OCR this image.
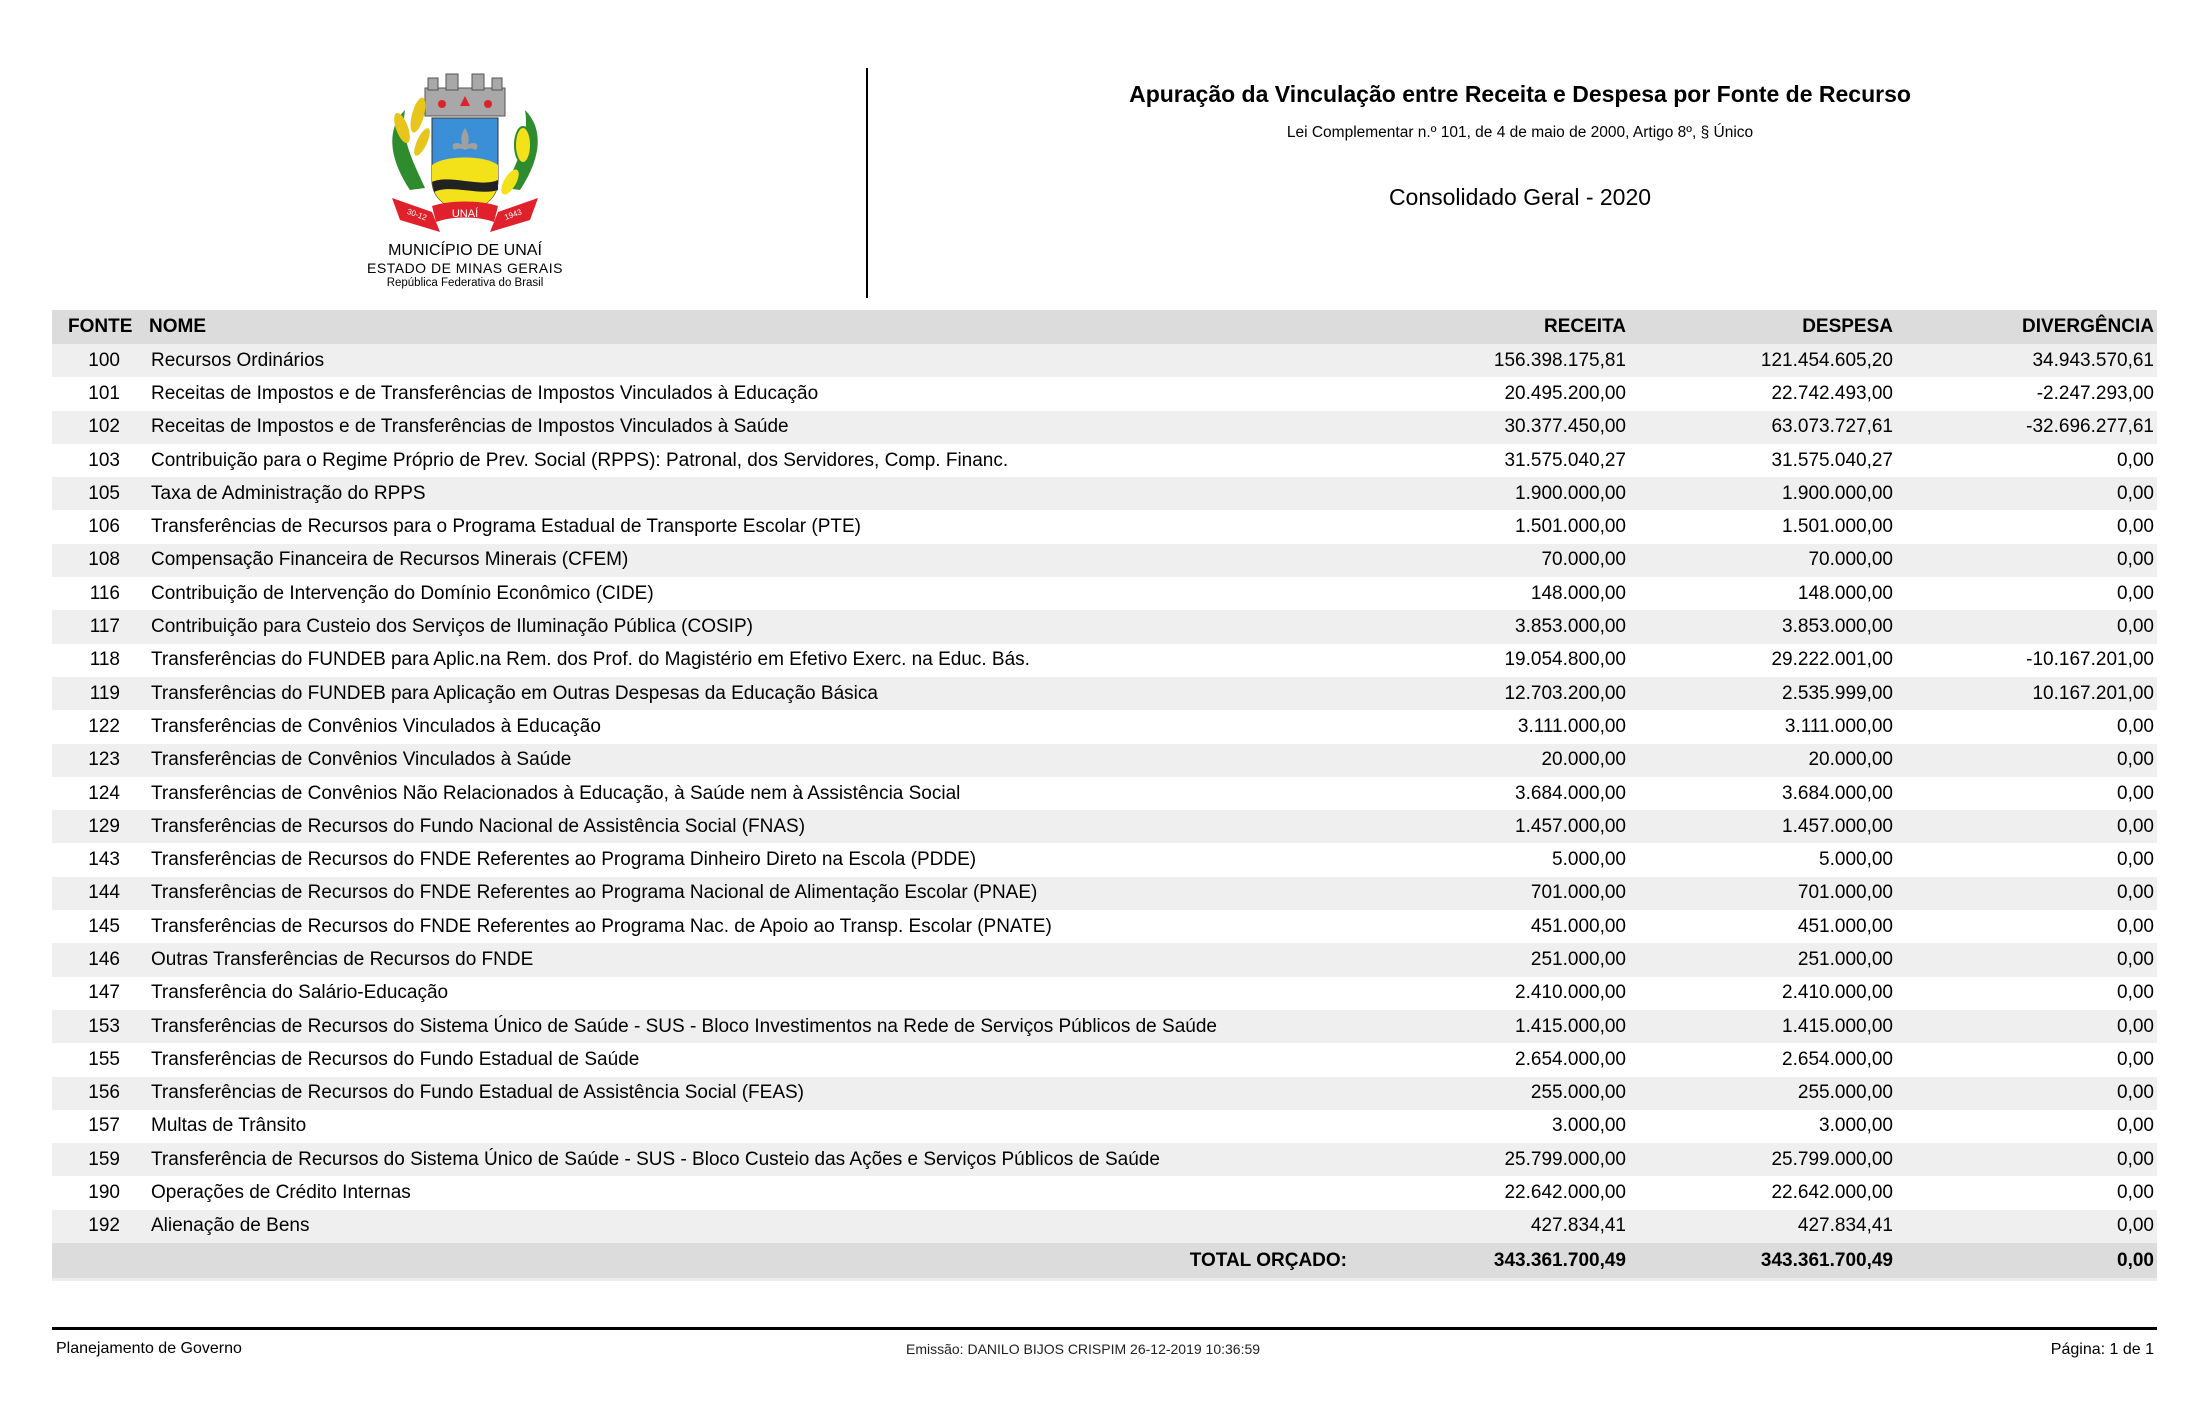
UNAÍ
30-12	1943
MUNICÍPIO DE UNAÍ
ESTADO DE MINAS GERAIS
República Federativa do Brasil
Apuração da Vinculação entre Receita e Despesa por Fonte de Recurso
Lei Complementar n.º 101, de 4 de maio de 2000, Artigo 8º, § Único
Consolidado Geral - 2020
FONTE NOME	RECEITA	DESPESA	DIVERGÊNCIA
100 Recursos Ordinários	156.398.175,81	121.454.605,20	34.943.570,61
101 Receitas de Impostos e de Transferências de Impostos Vinculados à Educação	20.495.200,00	22.742.493,00	-2.247.293,00
102 Receitas de Impostos e de Transferências de Impostos Vinculados à Saúde	30.377.450,00	63.073.727,61	-32.696.277,61
103 Contribuição para o Regime Próprio de Prev. Social (RPPS): Patronal, dos Servidores, Comp. Financ.	31.575.040,27	31.575.040,27	0,00
105 Taxa de Administração do RPPS	1.900.000,00	1.900.000,00	0,00
106 Transferências de Recursos para o Programa Estadual de Transporte Escolar (PTE)	1.501.000,00	1.501.000,00	0,00
108 Compensação Financeira de Recursos Minerais (CFEM)	70.000,00	70.000,00	0,00
116 Contribuição de Intervenção do Domínio Econômico (CIDE)	148.000,00	148.000,00	0,00
117 Contribuição para Custeio dos Serviços de Iluminação Pública (COSIP)	3.853.000,00	3.853.000,00	0,00
118 Transferências do FUNDEB para Aplic.na Rem. dos Prof. do Magistério em Efetivo Exerc. na Educ. Bás.	19.054.800,00	29.222.001,00	-10.167.201,00
119 Transferências do FUNDEB para Aplicação em Outras Despesas da Educação Básica	12.703.200,00	2.535.999,00	10.167.201,00
122 Transferências de Convênios Vinculados à Educação	3.111.000,00	3.111.000,00	0,00
123 Transferências de Convênios Vinculados à Saúde	20.000,00	20.000,00	0,00
124 Transferências de Convênios Não Relacionados à Educação, à Saúde nem à Assistência Social	3.684.000,00	3.684.000,00	0,00
129 Transferências de Recursos do Fundo Nacional de Assistência Social (FNAS)	1.457.000,00	1.457.000,00	0,00
143 Transferências de Recursos do FNDE Referentes ao Programa Dinheiro Direto na Escola (PDDE)	5.000,00	5.000,00	0,00
144 Transferências de Recursos do FNDE Referentes ao Programa Nacional de Alimentação Escolar (PNAE)	701.000,00	701.000,00	0,00
145 Transferências de Recursos do FNDE Referentes ao Programa Nac. de Apoio ao Transp. Escolar (PNATE)	451.000,00	451.000,00	0,00
146 Outras Transferências de Recursos do FNDE	251.000,00	251.000,00	0,00
147 Transferência do Salário-Educação	2.410.000,00	2.410.000,00	0,00
153 Transferências de Recursos do Sistema Único de Saúde - SUS - Bloco Investimentos na Rede de Serviços Públicos de Saúde	1.415.000,00	1.415.000,00	0,00
155 Transferências de Recursos do Fundo Estadual de Saúde	2.654.000,00	2.654.000,00	0,00
156 Transferências de Recursos do Fundo Estadual de Assistência Social (FEAS)	255.000,00	255.000,00	0,00
157 Multas de Trânsito	3.000,00	3.000,00	0,00
159 Transferência de Recursos do Sistema Único de Saúde - SUS - Bloco Custeio das Ações e Serviços Públicos de Saúde	25.799.000,00	25.799.000,00	0,00
190 Operações de Crédito Internas	22.642.000,00	22.642.000,00	0,00
192 Alienação de Bens	427.834,41	427.834,41	0,00
TOTAL ORÇADO:	343.361.700,49	343.361.700,49	0,00
Planejamento de Governo	Emissão: DANILO BIJOS CRISPIM 26-12-2019 10:36:59	Página: 1 de 1
